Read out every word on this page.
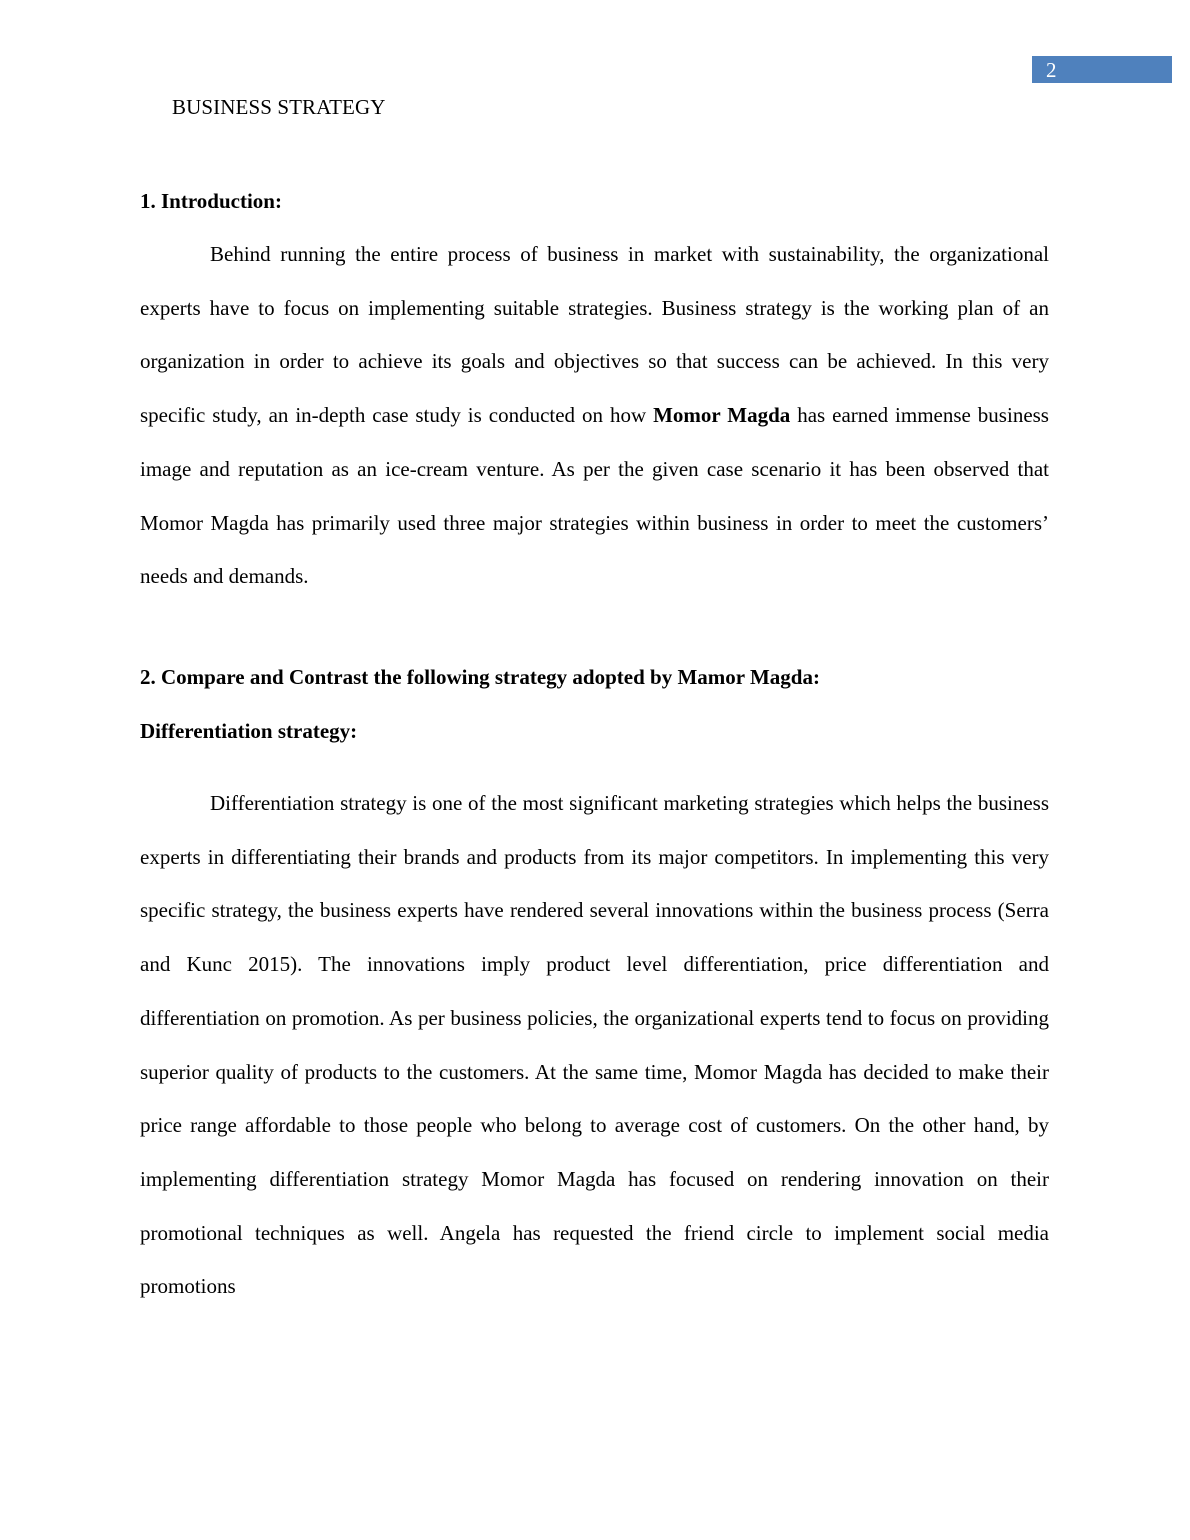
2
BUSINESS STRATEGY
1. Introduction:

Behind running the entire process of business in market with sustainability, the organizational experts have to focus on implementing suitable strategies. Business strategy is the working plan of an organization in order to achieve its goals and objectives so that success can be achieved. In this very specific study, an in-depth case study is conducted on how Momor Magda has earned immense business image and reputation as an ice-cream venture. As per the given case scenario it has been observed that Momor Magda has primarily used three major strategies within business in order to meet the customers’ needs and demands.

2. Compare and Contrast the following strategy adopted by Mamor Magda:
Differentiation strategy:

Differentiation strategy is one of the most significant marketing strategies which helps the business experts in differentiating their brands and products from its major competitors. In implementing this very specific strategy, the business experts have rendered several innovations within the business process (Serra and Kunc 2015). The innovations imply product level differentiation, price differentiation and differentiation on promotion. As per business policies, the organizational experts tend to focus on providing superior quality of products to the customers. At the same time, Momor Magda has decided to make their price range affordable to those people who belong to average cost of customers. On the other hand, by implementing differentiation strategy Momor Magda has focused on rendering innovation on their promotional techniques as well. Angela has requested the friend circle to implement social media promotions
